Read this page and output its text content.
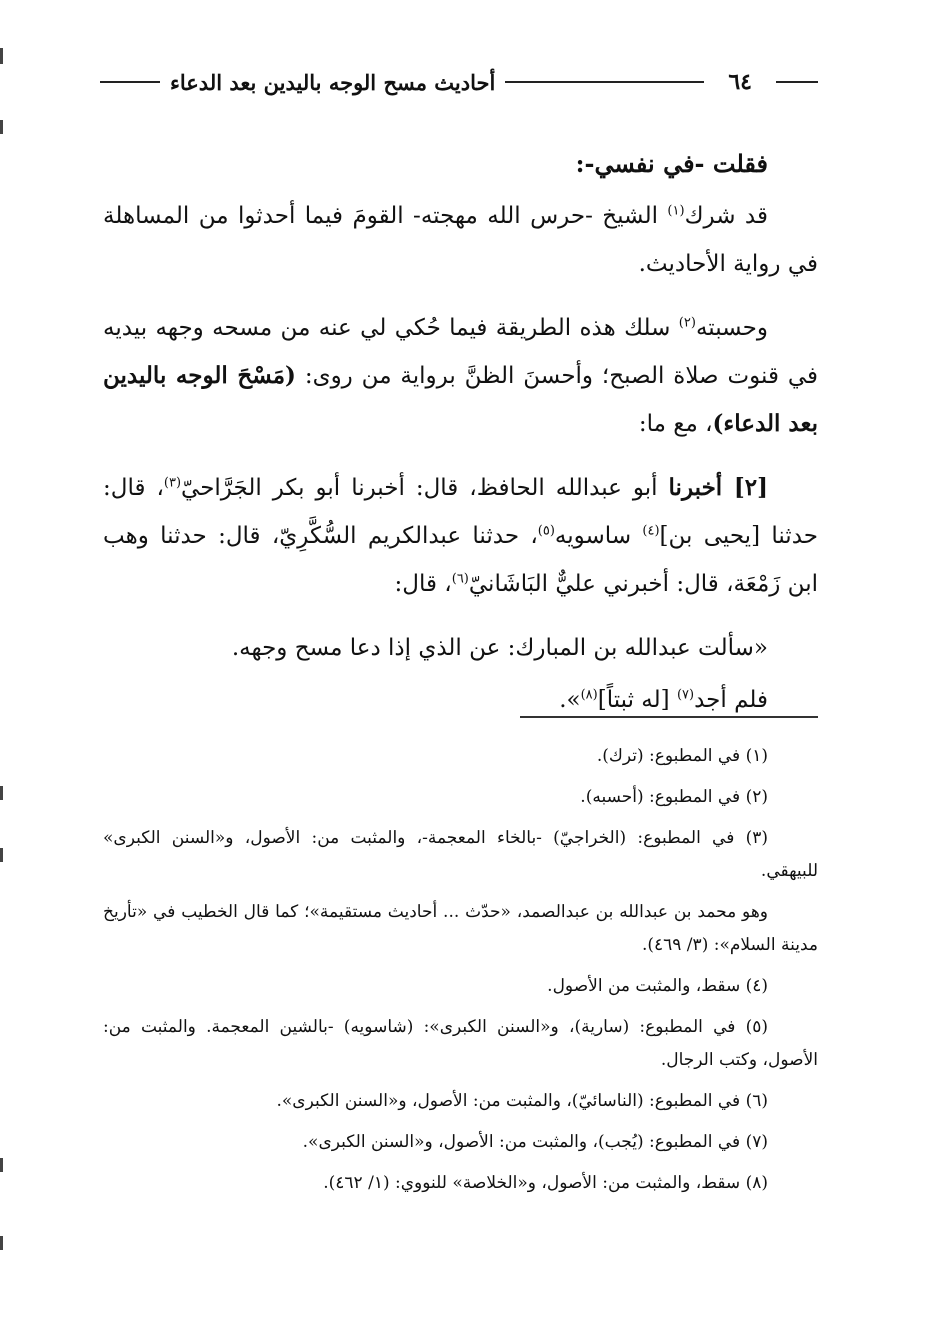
٦٤
أحاديث مسح الوجه باليدين بعد الدعاء
فقلت -في نفسي-:
قد شرك$^{(١)}$ الشيخ -حرس الله مهجته- القومَ فيما أحدثوا من المساهلة في رواية الأحاديث.
وحسبته$^{(٢)}$ سلك هذه الطريقة فيما حُكي لي عنه من مسحه وجهه بيديه في قنوت صلاة الصبح؛ وأحسنَ الظنَّ برواية من روى: (مَسْحَ الوجه باليدين بعد الدعاء)، مع ما:
[٢] أخبرنا أبو عبدالله الحافظ، قال: أخبرنا أبو بكر الجَرَّاحيّ$^{(٣)}$، قال: حدثنا [يحيى بن]$^{(٤)}$ ساسويه$^{(٥)}$، حدثنا عبدالكريم السُّكَّرِيّ، قال: حدثنا وهب ابن زَمْعَة، قال: أخبرني عليٌّ البَاشَانيّ$^{(٦)}$، قال:
«سألت عبدالله بن المبارك: عن الذي إذا دعا مسح وجهه.
فلم أجد$^{(٧)}$ [له ثبتاً]$^{(٨)}$».
(١) في المطبوع: (ترك).
(٢) في المطبوع: (أحسبه).
(٣) في المطبوع: (الخراجيّ) -بالخاء المعجمة-، والمثبت من: الأصول، و«السنن الكبرى» للبيهقي.
وهو محمد بن عبدالله بن عبدالصمد، «حدّث ... أحاديث مستقيمة»؛ كما قال الخطيب في «تأريخ مدينة السلام»: (٣/ ٤٦٩).
(٤) سقط، والمثبت من الأصول.
(٥) في المطبوع: (سارية)، و«السنن الكبرى»: (شاسويه) -بالشين المعجمة. والمثبت من: الأصول، وكتب الرجال.
(٦) في المطبوع: (الناسائيّ)، والمثبت من: الأصول، و«السنن الكبرى».
(٧) في المطبوع: (يُجب)، والمثبت من: الأصول، و«السنن الكبرى».
(٨) سقط، والمثبت من: الأصول، و«الخلاصة» للنووي: (١/ ٤٦٢).
